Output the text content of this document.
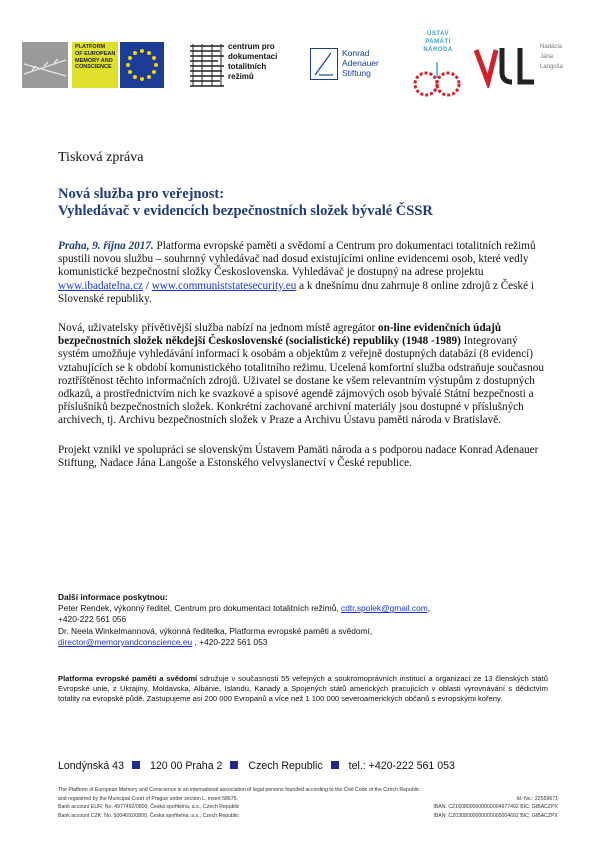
PLATFORM
OF EUROPEAN
MEMORY AND
CONSCIENCE
centrum pro
dokumentaci
totalitních
režimů
Konrad
Adenauer
Stiftung
ÚSTAV
PAMÄTI
NÁRODA	Nadácia
Jána
Langoša
Tisková zpráva
Nová služba pro veřejnost:
Vyhledávač v evidencích bezpečnostních složek bývalé ČSSR

Praha, 9. října 2017. Platforma evropské paměti a svědomí a Centrum pro dokumentaci totalitních režimů spustili novou službu – souhrnný vyhledávač nad dosud existujícími online evidencemi osob, které vedly komunistické bezpečnostní složky Československa. Vyhledávač je dostupný na adrese projektu www.ibadatelna.cz / www.communiststatesecurity.eu a k dnešnímu dnu zahrnuje 8 online zdrojů z České i Slovenské republiky.

Nová, uživatelsky přívětivější služba nabízí na jednom místě agregátor on-line evidenčních údajů bezpečnostních složek někdejší Československé (socialistické) republiky (1948 -1989) Integrovaný systém umožňuje vyhledávání informací k osobám a objektům z veřejně dostupných databází (8 evidencí) vztahujících se k období komunistického totalitního režimu. Ucelená komfortní služba odstraňuje současnou roztříštěnost těchto informačních zdrojů. Uživatel se dostane ke všem relevantním výstupům z dostupných odkazů, a prostřednictvím nich ke svazkové a spisové agendě zájmových osob bývalé Státní bezpečnosti a příslušníků bezpečnostních složek. Konkrétní zachované archivní materiály jsou dostupné v příslušných archivech, tj. Archivu bezpečnostních složek v Praze a Archivu Ústavu paměti národa v Bratislavě.

Projekt vznikl ve spolupráci se slovenským Ústavem Pamäti národa a s podporou nadace Konrad Adenauer Stiftung, Nadace Jána Langoše a Estonského velvyslanectví v České republice.

Další informace poskytnou:
Peter Rendek, výkonný ředitel, Centrum pro dokumentaci totalitních režimů, cdtr.spolek@gmail.com,
+420-222 561 056
Dr. Neela Winkelmannová, výkonná ředitelka, Platforma evropské paměti a svědomí,
director@memoryandconscience.eu , +420-222 561 053
Platforma evropské paměti a svědomí sdružuje v současnosti 55 veřejných a soukromoprávních institucí a organizací ze 13 členských států Evropské unie, z Ukrajiny, Moldavska, Albánie, Islandu, Kanady a Spojených států amerických pracujících v oblasti vyrovnávání s dědictvím totality na evropské půdě. Zastupujeme asi 200 000 Evropanů a více než 1 100 000 severoamerických občanů s evropskými kořeny.
Londýnská 43 120 00 Praha 2 Czech Republic tel.: +420-222 561 053
The Platform of European Memory and Conscience is an international association of legal persons founded according to the Civil Code of the Czech Republic
and registered by the Municipal Court of Prague under section L, insert 58675.	Id.-No.: 22559671
Bank account EUR: No. 4977492/0800, Česká spořitelna, a.s., Czech Republic	IBAN: CZ1608000000000004977492 BIC: GIBACZPX
Bank account CZK: No. 5004692/0800, Česká spořitelna, a.s., Czech Republic	IBAN: CZ0308000000000005004692 BIC: GIBACZPX
